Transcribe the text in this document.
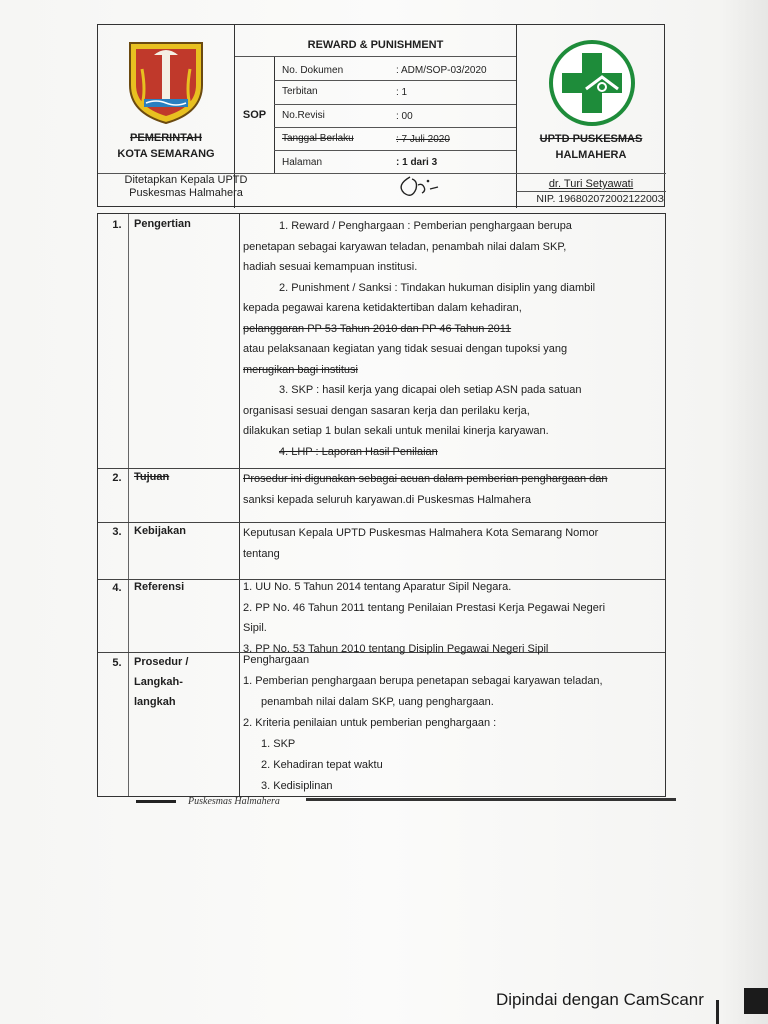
PEMERINTAH
KOTA SEMARANG
REWARD & PUNISHMENT
SOP
No. Dokumen	: ADM/SOP-03/2020
Terbitan	: 1
No.Revisi	: 00
Tanggal Berlaku	: 7 Juli 2020
Halaman	: 1 dari 3
UPTD PUSKESMAS
HALMAHERA
Ditetapkan Kepala UPTD
Puskesmas Halmahera
dr. Turi Setyawati
NIP. 19680207200212200З
1.	Pengertian	1. Reward / Penghargaan : Pemberian penghargaan berupa

penetapan sebagai karyawan teladan, penambah nilai dalam SKP,

hadiah sesuai kemampuan institusi.

2. Punishment / Sanksi : Tindakan hukuman disiplin yang diambil

kepada pegawai karena ketidaktertiban dalam kehadiran,

pelanggaran PP 53 Tahun 2010 dan PP 46 Tahun 2011

atau pelaksanaan kegiatan yang tidak sesuai dengan tupoksi yang

merugikan bagi institusi

3. SKP : hasil kerja yang dicapai oleh setiap ASN pada satuan

organisasi sesuai dengan sasaran kerja dan perilaku kerja,

dilakukan setiap 1 bulan sekali untuk menilai kinerja karyawan.

4. LHP : Laporan Hasil Penilaian

2.	Tujuan	Prosedur ini digunakan sebagai acuan dalam pemberian penghargaan dan

sanksi kepada seluruh karyawan.di Puskesmas Halmahera

3.	Kebijakan	Keputusan Kepala UPTD Puskesmas Halmahera Kota Semarang Nomor

tentang

4.	Referensi	1. UU No. 5 Tahun 2014 tentang Aparatur Sipil Negara.

2. PP No. 46 Tahun 2011 tentang Penilaian Prestasi Kerja Pegawai Negeri

Sipil.

3. PP No. 53 Tahun 2010 tentang Disiplin Pegawai Negeri Sipil

5.	Prosedur /
Langkah-
langkah

Penghargaan

1. Pemberian penghargaan berupa penetapan sebagai karyawan teladan,

penambah nilai dalam SKP, uang penghargaan.

2. Kriteria penilaian untuk pemberian penghargaan :

1. SKP

2. Kehadiran tepat waktu

3. Kedisiplinan

Puskesmas Halmahera
Dipindai dengan CamScanr
